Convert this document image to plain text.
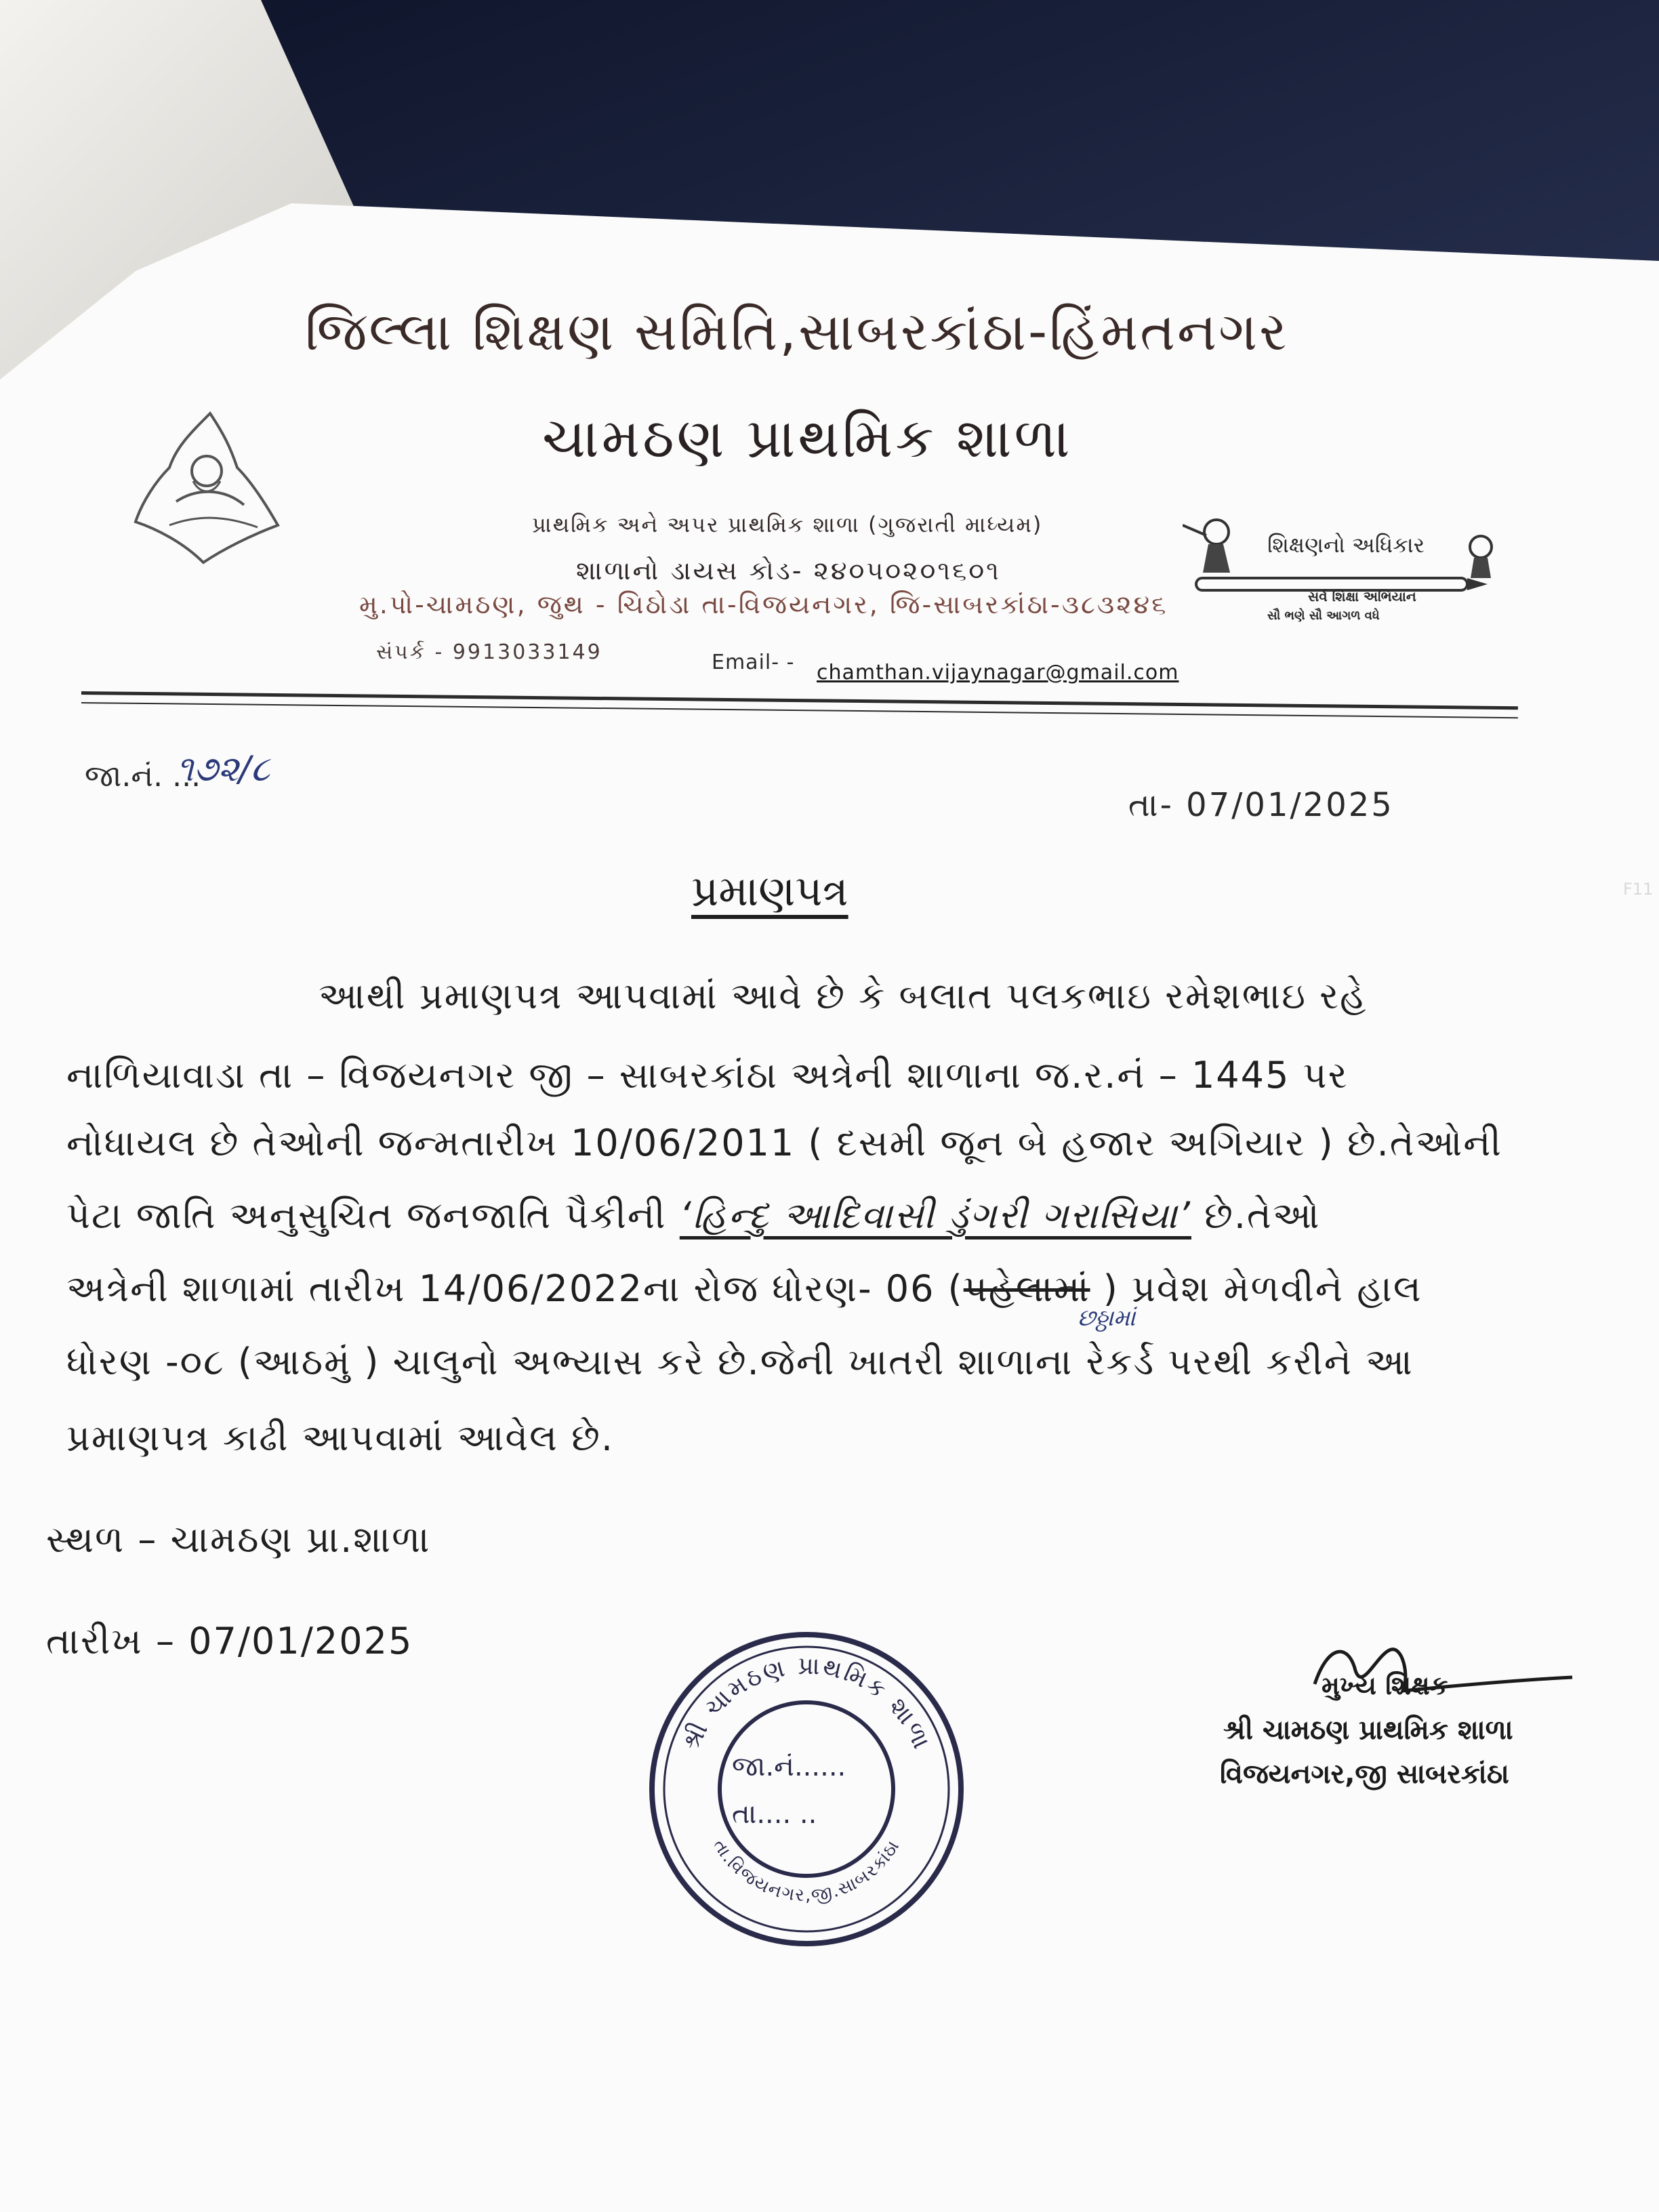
શિક્ષણનો અધિકાર
સર્વ શિક્ષા અભિયાન
સૌ ભણે સૌ આગળ વધે
જિલ્લા શિક્ષણ સમિતિ,સાબરકાંઠા-હિંમતનગર
ચામઠણ પ્રાથમિક શાળા
પ્રાથમિક અને અપર પ્રાથમિક શાળા (ગુજરાતી માધ્યમ)
શાળાનો ડાયસ કોડ- ૨૪૦૫૦૨૦૧૬૦૧
મુ.પો-ચામઠણ, જુથ - ચિઠોડા તા-વિજયનગર, જિ-સાબરકાંઠા-૩૮૩૨૪૬
સંપર્ક - 9913033149	Email- - chamthan.vijaynagar@gmail.com
જા.નં. ...
૧૭૨/૮
તા- 07/01/2025
પ્રમાણપત્ર
આથી પ્રમાણપત્ર આપવામાં આવે છે કે બલાત પલકભાઇ રમેશભાઇ રહે
નાળિયાવાડા તા – વિજયનગર જી – સાબરકાંઠા અત્રેની શાળાના જ.ર.નં – 1445 પર
નોધાયલ છે તેઓની જન્મતારીખ 10/06/2011 ( દસમી જૂન બે હજાર અગિયાર ) છે.તેઓની
પેટા જાતિ અનુસુચિત જનજાતિ પૈકીની ‘હિન્દુ આદિવાસી ડુંગરી ગરાસિયા’ છે.તેઓ
અત્રેની શાળામાં તારીખ 14/06/2022ના રોજ ધોરણ- 06 (પહેલામાં ) પ્રવેશ મેળવીને હાલ
છઠ્ઠામાં
ધોરણ -૦૮ (આઠમું ) ચાલુનો અભ્યાસ કરે છે.જેની ખાતરી શાળાના રેકર્ડ પરથી કરીને આ
પ્રમાણપત્ર કાઢી આપવામાં આવેલ છે.
સ્થળ – ચામઠણ પ્રા.શાળા
તારીખ – 07/01/2025
શ્રી ચામઠણ પ્રાથમિક શાળા
તા.વિજયનગર,જી.સાબરકાંઠા
જા.નં......
તા.... ..
મુખ્ય શિક્ષક
શ્રી ચામઠણ પ્રાથમિક શાળા
વિજયનગર,જી સાબરકાંઠા
F11
